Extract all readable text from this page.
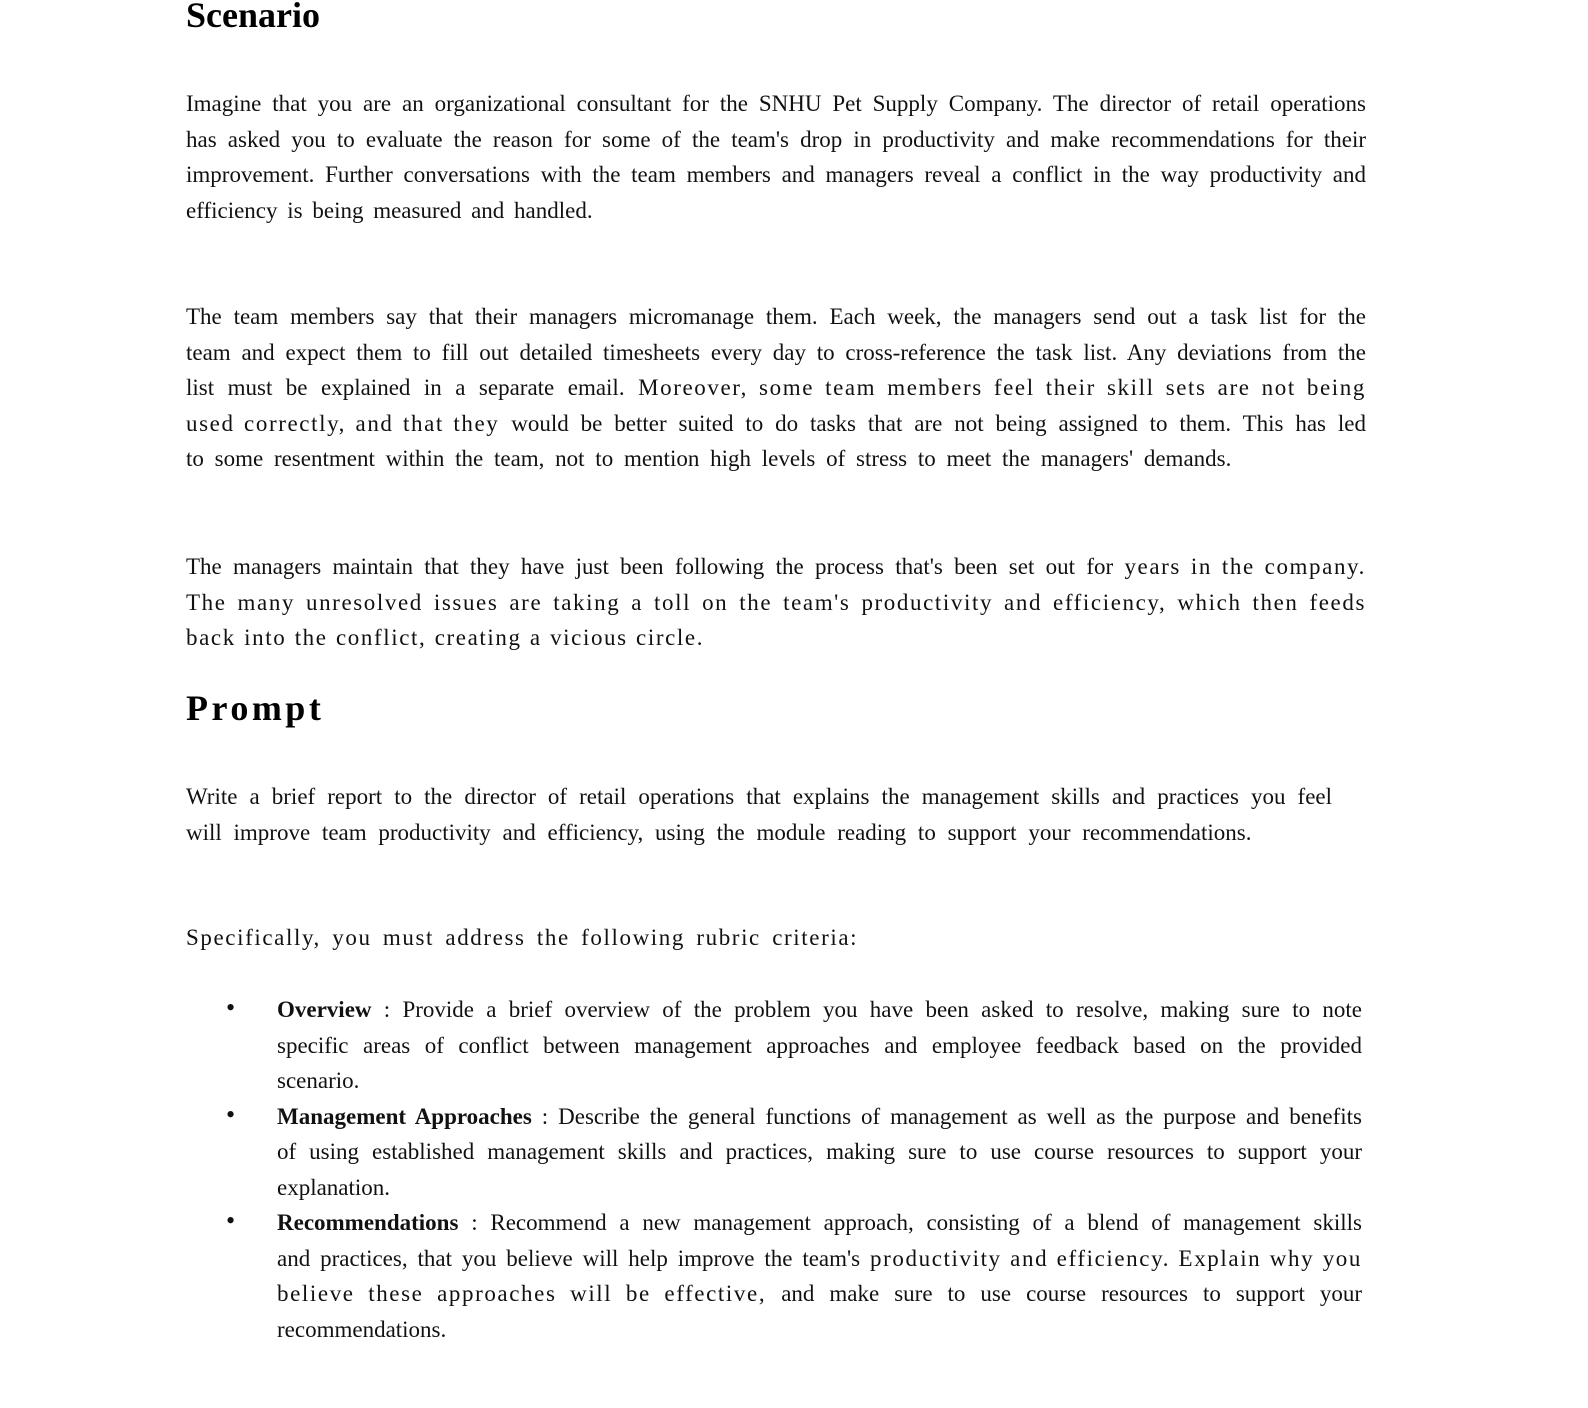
Scenario

Imagine that you are an organizational consultant for the SNHU Pet Supply Company. The director of retail operations has asked you to evaluate the reason for some of the team's drop in productivity and make recommendations for their improvement. Further conversations with the team members and managers reveal a conflict in the way productivity and efficiency is being measured and handled.

The team members say that their managers micromanage them. Each week, the managers send out a task list for the team and expect them to fill out detailed timesheets every day to cross-reference the task list. Any deviations from the list must be explained in a separate email. Moreover, some team members feel their skill sets are not being used correctly, and that they would be better suited to do tasks that are not being assigned to them. This has led to some resentment within the team, not to mention high levels of stress to meet the managers' demands.

The managers maintain that they have just been following the process that's been set out for years in the company. The many unresolved issues are taking a toll on the team's productivity and efficiency, which then feeds back into the conflict, creating a vicious circle.

Prompt

Write a brief report to the director of retail operations that explains the management skills and practices you feel will improve team productivity and efficiency, using the module reading to support your recommendations.

Specifically, you must address the following rubric criteria:

• Overview : Provide a brief overview of the problem you have been asked to resolve, making sure to note specific areas of conflict between management approaches and employee feedback based on the provided scenario.
• Management Approaches : Describe the general functions of management as well as the purpose and benefits of using established management skills and practices, making sure to use course resources to support your explanation.
• Recommendations : Recommend a new management approach, consisting of a blend of management skills and practices, that you believe will help improve the team's productivity and efficiency. Explain why you believe these approaches will be effective, and make sure to use course resources to support your recommendations.
